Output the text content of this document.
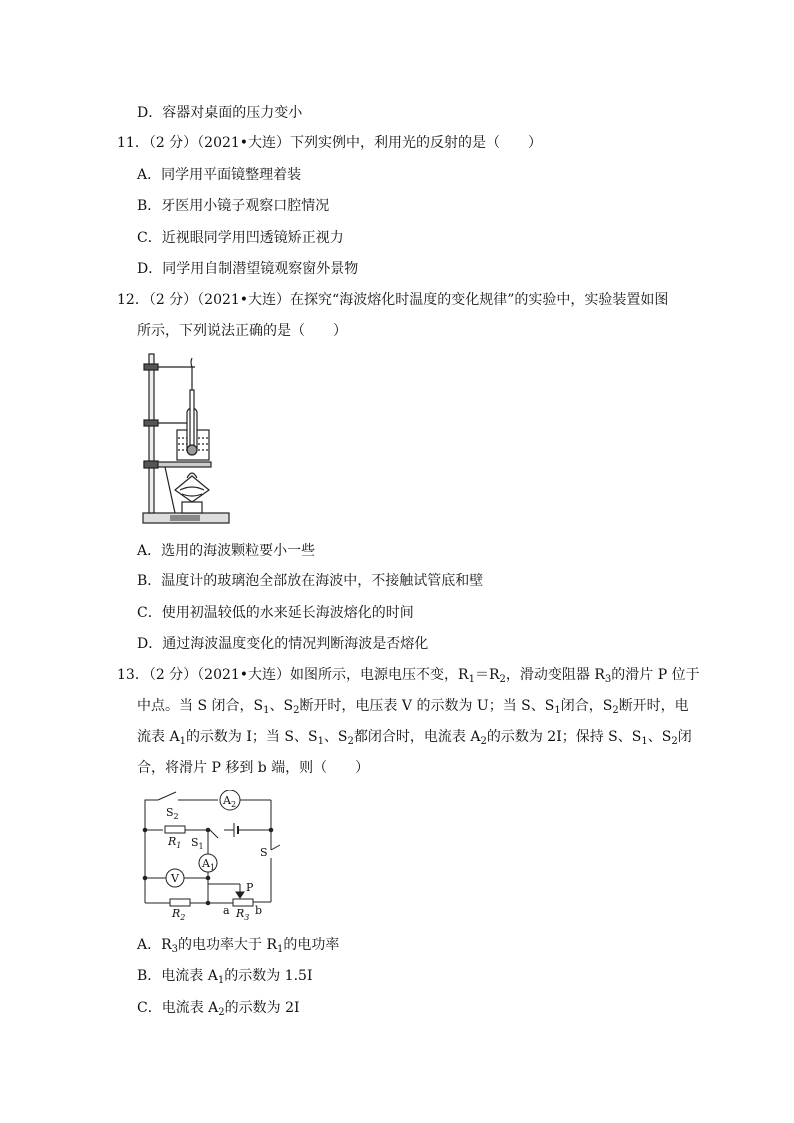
D．容器对桌面的压力变小
11．（2 分）（2021•大连）下列实例中，利用光的反射的是（　　）
A．同学用平面镜整理着装
B．牙医用小镜子观察口腔情况
C．近视眼同学用凹透镜矫正视力
D．同学用自制潜望镜观察窗外景物
12．（2 分）（2021•大连）在探究“海波熔化时温度的变化规律”的实验中，实验装置如图
所示，下列说法正确的是（　　）
A．选用的海波颗粒要小一些
B．温度计的玻璃泡全部放在海波中，不接触试管底和壁
C．使用初温较低的水来延长海波熔化的时间
D．通过海波温度变化的情况判断海波是否熔化
13．（2 分）（2021•大连）如图所示，电源电压不变，$R_1=R_2$，滑动变阻器 $R_3$的滑片 P 位于
中点。当 S 闭合，$S_1$、$S_2$断开时，电压表 V 的示数为 U；当 S、$S_1$闭合，$S_2$断开时，电
流表 $A_1$的示数为 I；当 S、$S_1$、$S_2$都闭合时，电流表 $A_2$的示数为 2I；保持 S、$S_1$、$S_2$闭
合，将滑片 P 移到 b 端，则（　　）
$S_2$
$A_2$
$R_1$ $S_1$
$A_1$
S
V
P
$R_2$
a $R_3$
b
A．$R_3$的电功率大于 $R_1$的电功率
B．电流表 $A_1$的示数为 1.5I
C．电流表 $A_2$的示数为 2I
